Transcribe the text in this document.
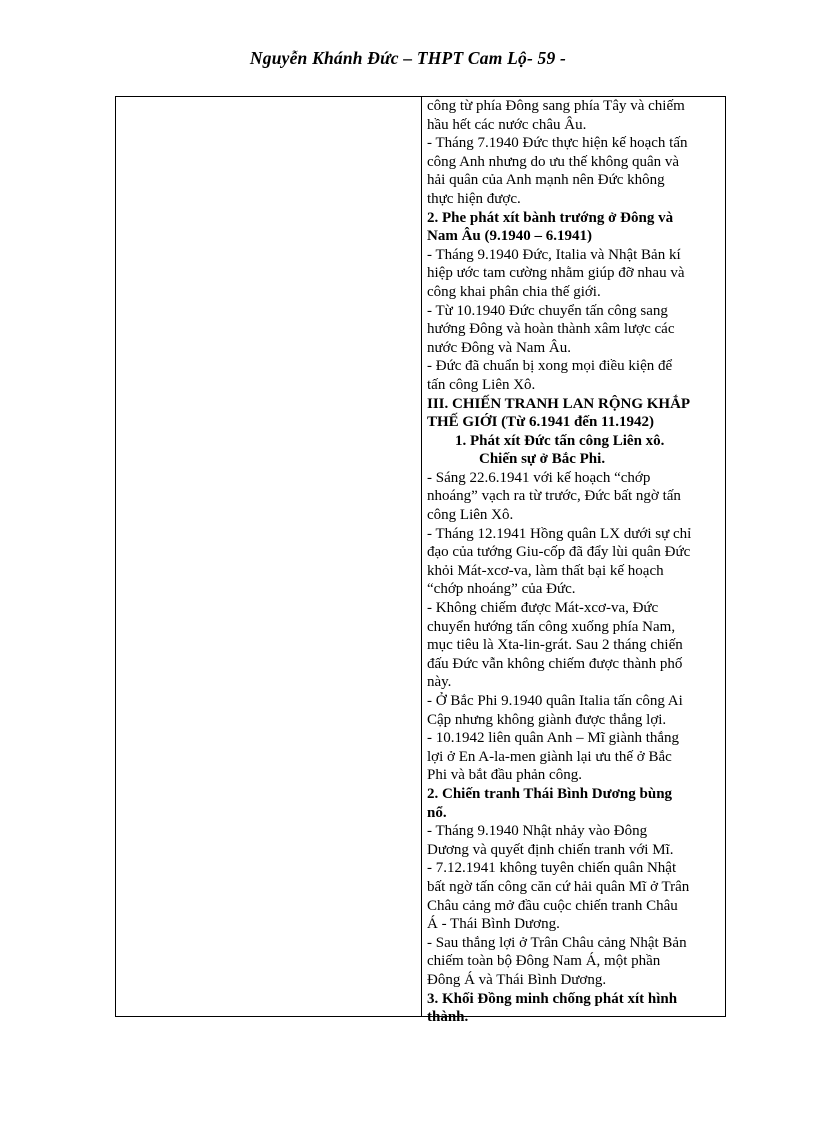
Nguyễn Khánh Đức – THPT Cam Lộ- 59 -
công từ phía Đông sang phía Tây và chiếm
hầu hết các nước châu Âu.
- Tháng 7.1940 Đức thực hiện kế hoạch tấn
công Anh nhưng do ưu thế không quân và
hải quân của Anh mạnh nên Đức không
thực hiện được.
2. Phe phát xít bành trướng ở Đông và
Nam Âu (9.1940 – 6.1941)
- Tháng 9.1940 Đức, Italia và Nhật Bản kí
hiệp ước tam cường nhằm giúp đỡ nhau và
công khai phân chia thế giới.
- Từ 10.1940 Đức chuyển tấn công sang
hướng Đông và hoàn thành xâm lược các
nước Đông và Nam Âu.
- Đức đã chuẩn bị xong mọi điều kiện để
tấn công Liên Xô.
III. CHIẾN TRANH LAN RỘNG KHẮP
THẾ GIỚI (Từ 6.1941 đến 11.1942)
1. Phát xít Đức tấn công Liên xô.
Chiến sự ở Bắc Phi.
- Sáng 22.6.1941 với kế hoạch “chớp
nhoáng” vạch ra từ trước, Đức bất ngờ tấn
công Liên Xô.
- Tháng 12.1941 Hồng quân LX dưới sự chỉ
đạo của tướng Giu-cốp đã đẩy lùi quân Đức
khỏi Mát-xcơ-va, làm thất bại kế hoạch
“chớp nhoáng” của Đức.
- Không chiếm được Mát-xcơ-va, Đức
chuyển hướng tấn công xuống phía Nam,
mục tiêu là Xta-lin-grát. Sau 2 tháng chiến
đấu Đức vẫn không chiếm được thành phố
này.
- Ở Bắc Phi 9.1940 quân Italia tấn công Ai
Cập nhưng không giành được thắng lợi.
- 10.1942 liên quân Anh – Mĩ giành thắng
lợi ở En A-la-men giành lại ưu thế ở Bắc
Phi và bắt đầu phản công.
2. Chiến tranh Thái Bình Dương bùng
nổ.
- Tháng 9.1940 Nhật nhảy vào Đông
Dương và quyết định chiến tranh với Mĩ.
- 7.12.1941 không tuyên chiến quân Nhật
bất ngờ tấn công căn cứ hải quân Mĩ ở Trân
Châu cảng mở đầu cuộc chiến tranh Châu
Á - Thái Bình Dương.
- Sau thắng lợi ở Trân Châu cảng Nhật Bản
chiếm toàn bộ Đông Nam Á, một phần
Đông Á và Thái Bình Dương.
3. Khối Đồng minh chống phát xít hình
thành.
